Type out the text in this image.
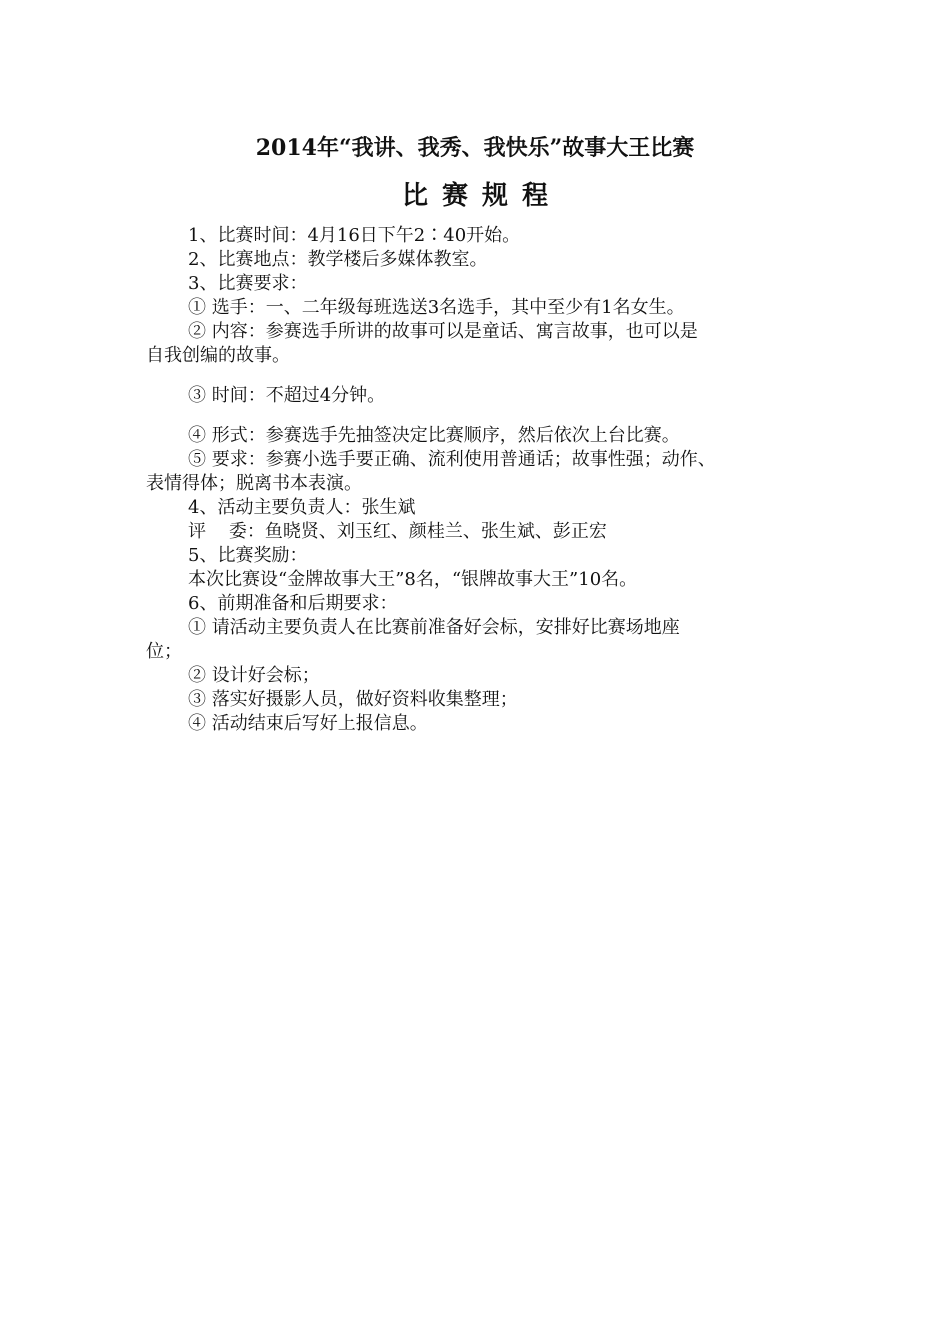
2014年“我讲、我秀、我快乐”故事大王比赛
比赛规程
1、比赛时间：4月16日下午2∶40开始。
2、比赛地点：教学楼后多媒体教室。
3、比赛要求：
① 选手：一、二年级每班选送3名选手，其中至少有1名女生。
② 内容：参赛选手所讲的故事可以是童话、寓言故事，也可以是
自我创编的故事。
③ 时间：不超过4分钟。
④ 形式：参赛选手先抽签决定比赛顺序，然后依次上台比赛。
⑤ 要求：参赛小选手要正确、流利使用普通话；故事性强；动作、
表情得体；脱离书本表演。
4、活动主要负责人：张生斌
评    委：鱼晓贤、刘玉红、颜桂兰、张生斌、彭正宏
5、比赛奖励：
本次比赛设“金牌故事大王”8名，“银牌故事大王”10名。
6、前期准备和后期要求：
① 请活动主要负责人在比赛前准备好会标，安排好比赛场地座
位；
② 设计好会标；
③ 落实好摄影人员，做好资料收集整理；
④ 活动结束后写好上报信息。
